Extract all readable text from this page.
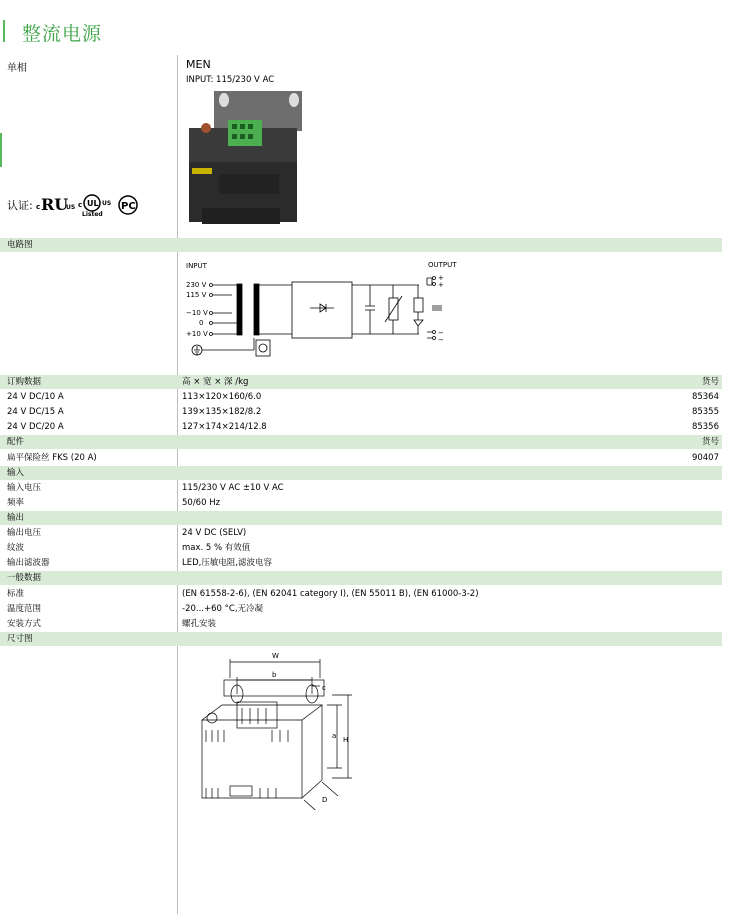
整流电源
单相	MEN
INPUT: 115/230 V AC
认证: c RU
US c UL US
Listed
PC
电路图
INPUT	OUTPUT
230 V
115 V
−10 V
0
+10 V
+
+
−
−
订购数据	高 × 宽 × 深 /kg	货号
24 V DC/10 A	113×120×160/6.0	85364
24 V DC/15 A	139×135×182/8.2	85355
24 V DC/20 A	127×174×214/12.8	85356
配件	货号
扁平保险丝 FKS (20 A)	90407
输入
输入电压	115/230 V AC ±10 V AC
频率	50/60 Hz
输出
输出电压	24 V DC (SELV)
纹波	max. 5 % 有效值
输出滤波器	LED,压敏电阻,滤波电容
一般数据
标准	(EN 61558-2-6), (EN 62041 category I), (EN 55011 B), (EN 61000-3-2)
温度范围	-20...+60 °C,无冷凝
安装方式	螺孔安装
尺寸图
W
b
c
a H
D
